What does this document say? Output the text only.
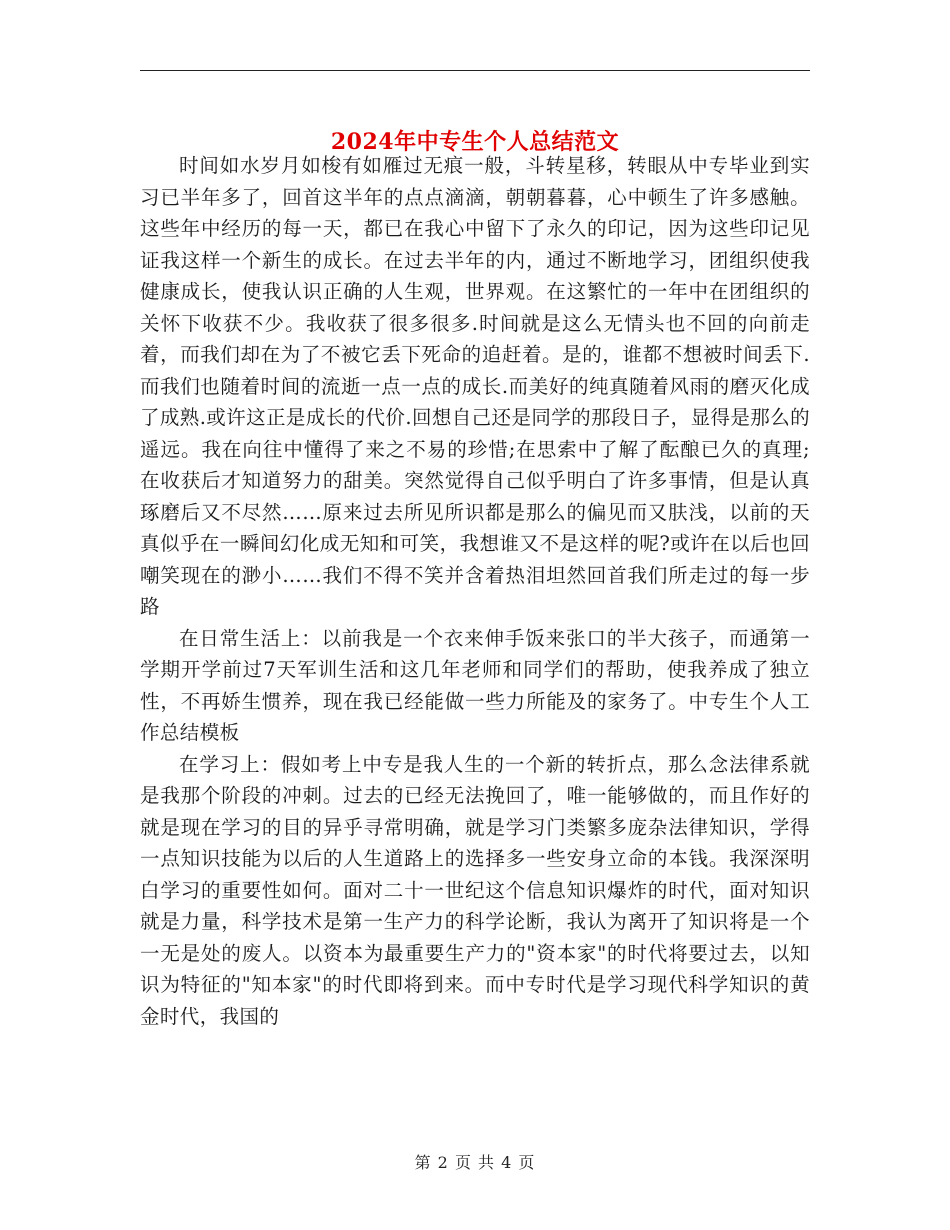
2024年中专生个人总结范文

时间如水岁月如梭有如雁过无痕一般，斗转星移，转眼从中专毕业到实习已半年多了，回首这半年的点点滴滴，朝朝暮暮，心中顿生了许多感触。这些年中经历的每一天，都已在我心中留下了永久的印记，因为这些印记见证我这样一个新生的成长。在过去半年的内，通过不断地学习，团组织使我健康成长，使我认识正确的人生观，世界观。在这繁忙的一年中在团组织的关怀下收获不少。我收获了很多很多.时间就是这么无情头也不回的向前走着，而我们却在为了不被它丢下死命的追赶着。是的，谁都不想被时间丢下.而我们也随着时间的流逝一点一点的成长.而美好的纯真随着风雨的磨灭化成了成熟.或许这正是成长的代价.回想自己还是同学的那段日子，显得是那么的遥远。我在向往中懂得了来之不易的珍惜;在思索中了解了酝酿已久的真理;在收获后才知道努力的甜美。突然觉得自己似乎明白了许多事情，但是认真琢磨后又不尽然……原来过去所见所识都是那么的偏见而又肤浅，以前的天真似乎在一瞬间幻化成无知和可笑，我想谁又不是这样的呢?或许在以后也回嘲笑现在的渺小……我们不得不笑并含着热泪坦然回首我们所走过的每一步路

在日常生活上：以前我是一个衣来伸手饭来张口的半大孩子，而通第一学期开学前过7天军训生活和这几年老师和同学们的帮助，使我养成了独立性，不再娇生惯养，现在我已经能做一些力所能及的家务了。中专生个人工作总结模板

在学习上：假如考上中专是我人生的一个新的转折点，那么念法律系就是我那个阶段的冲刺。过去的已经无法挽回了，唯一能够做的，而且作好的就是现在学习的目的异乎寻常明确，就是学习门类繁多庞杂法律知识，学得一点知识技能为以后的人生道路上的选择多一些安身立命的本钱。我深深明白学习的重要性如何。面对二十一世纪这个信息知识爆炸的时代，面对知识就是力量，科学技术是第一生产力的科学论断，我认为离开了知识将是一个一无是处的废人。以资本为最重要生产力的"资本家"的时代将要过去，以知识为特征的"知本家"的时代即将到来。而中专时代是学习现代科学知识的黄金时代，我国的

第 2 页 共 4 页
